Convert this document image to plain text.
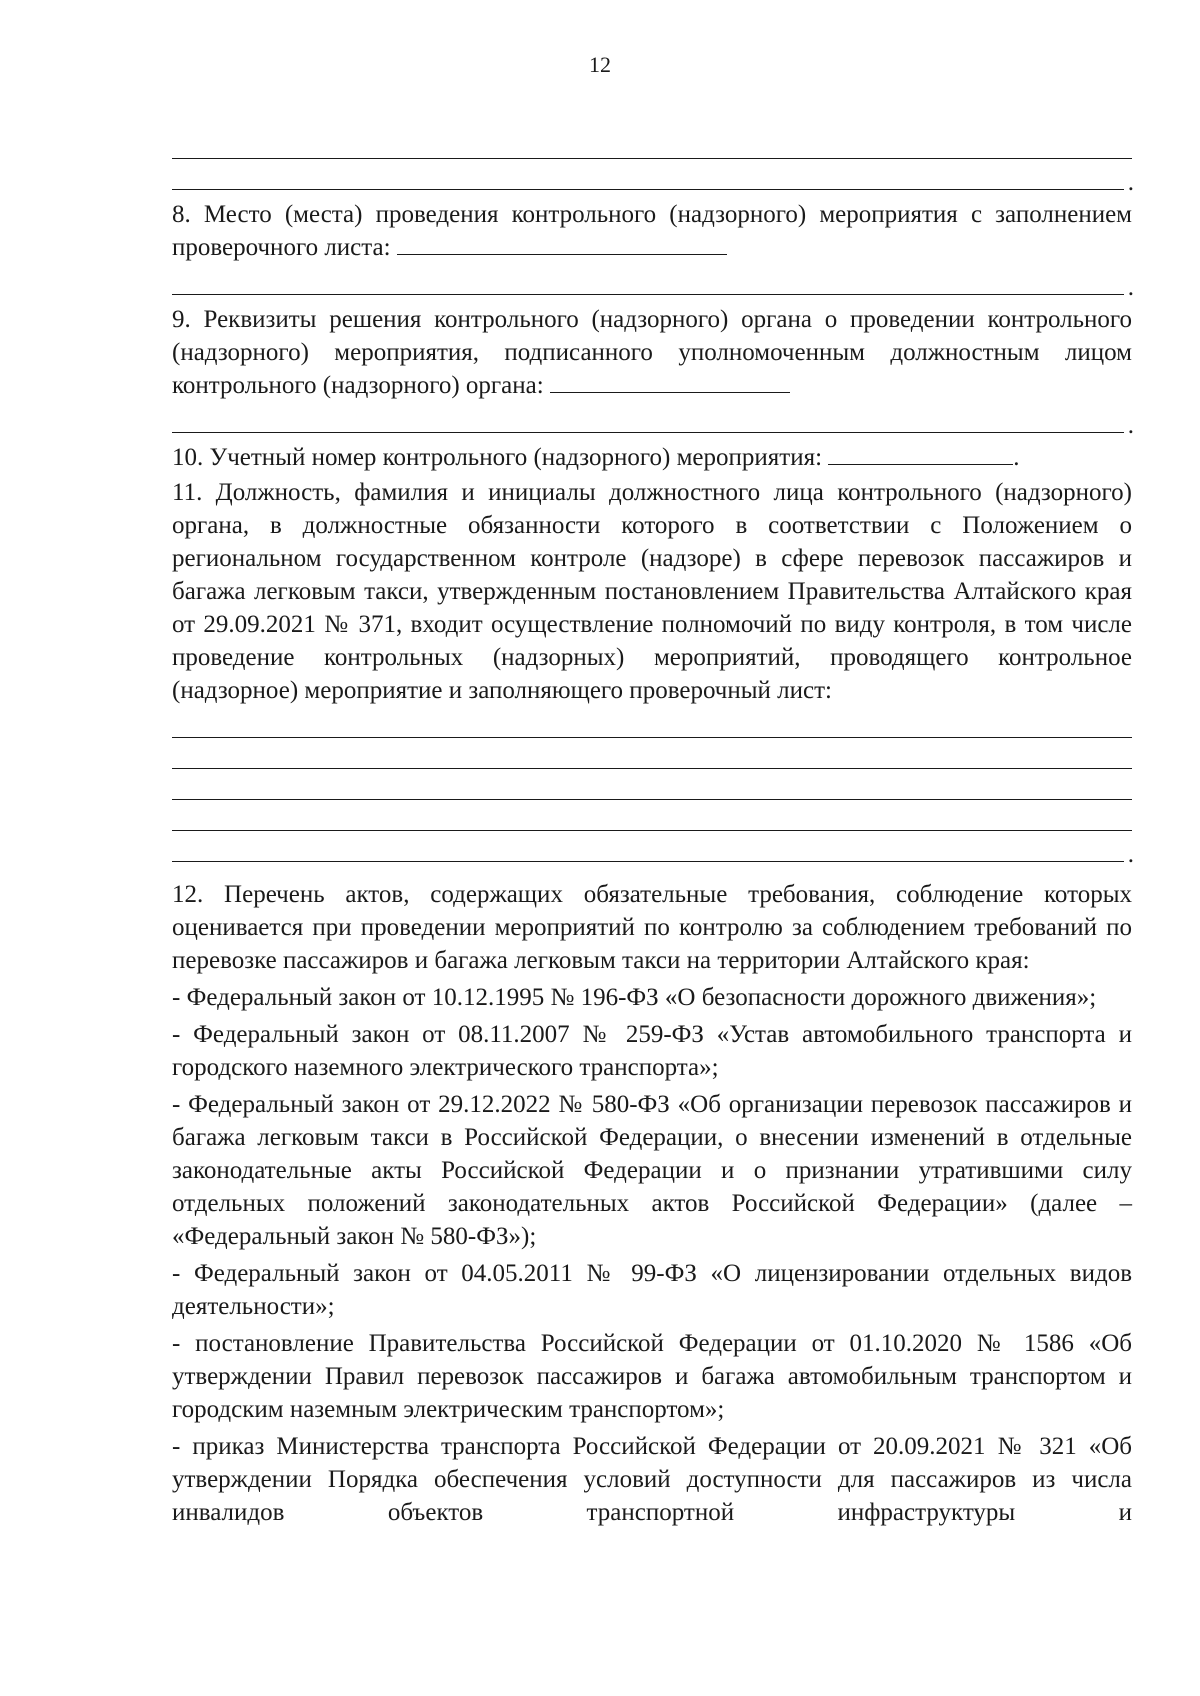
12
.

8. Место (места) проведения контрольного (надзорного) мероприятия с заполнением проверочного листа:

.

9. Реквизиты решения контрольного (надзорного) органа о проведении контрольного (надзорного) мероприятия, подписанного уполномоченным должностным лицом контрольного (надзорного) органа:

.

10. Учетный номер контрольного (надзорного) мероприятия:	.

11. Должность, фамилия и инициалы должностного лица контрольного (надзорного) органа, в должностные обязанности которого в соответствии с Положением о региональном государственном контроле (надзоре) в сфере перевозок пассажиров и багажа легковым такси, утвержденным постановлением Правительства Алтайского края от 29.09.2021 № 371, входит осуществление полномочий по виду контроля, в том числе проведение контрольных (надзорных) мероприятий, проводящего контрольное (надзорное) мероприятие и заполняющего проверочный лист:

.

12. Перечень актов, содержащих обязательные требования, соблюдение которых оценивается при проведении мероприятий по контролю за соблюдением требований по перевозке пассажиров и багажа легковым такси на территории Алтайского края:

- Федеральный закон от 10.12.1995 № 196-ФЗ «О безопасности дорожного движения»;

- Федеральный закон от 08.11.2007 № 259-ФЗ «Устав автомобильного транспорта и городского наземного электрического транспорта»;

- Федеральный закон от 29.12.2022 № 580-ФЗ «Об организации перевозок пассажиров и багажа легковым такси в Российской Федерации, о внесении изменений в отдельные законодательные акты Российской Федерации и о признании утратившими силу отдельных положений законодательных актов Российской Федерации» (далее – «Федеральный закон № 580-ФЗ»);

- Федеральный закон от 04.05.2011 № 99-ФЗ «О лицензировании отдельных видов деятельности»;

- постановление Правительства Российской Федерации от 01.10.2020 № 1586 «Об утверждении Правил перевозок пассажиров и багажа автомобильным транспортом и городским наземным электрическим транспортом»;

- приказ Министерства транспорта Российской Федерации от 20.09.2021 № 321 «Об утверждении Порядка обеспечения условий доступности для пассажиров из числа инвалидов объектов транспортной инфраструктуры и
